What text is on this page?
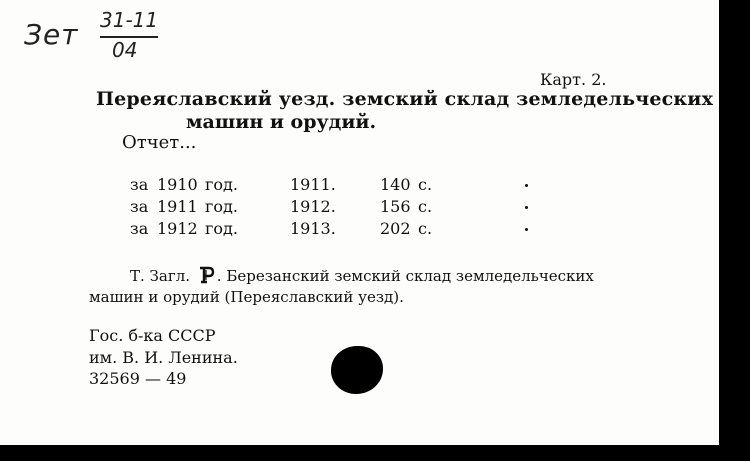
Зет 31-11
04
Карт. 2.
Переяславский уезд. земский склад земледельческих
машин и орудий.
Отчет...
за 1910 год.	1911.	140 с.
за 1911 год.	1912.	156 с.
за 1912 год.	1913.	202 с.
Т. Загл. . Березанский земский склад земледельческих
машин и орудий (Переяславский уезд).
Гос. б-ка СССР
им. В. И. Ленина.
32569 — 49
